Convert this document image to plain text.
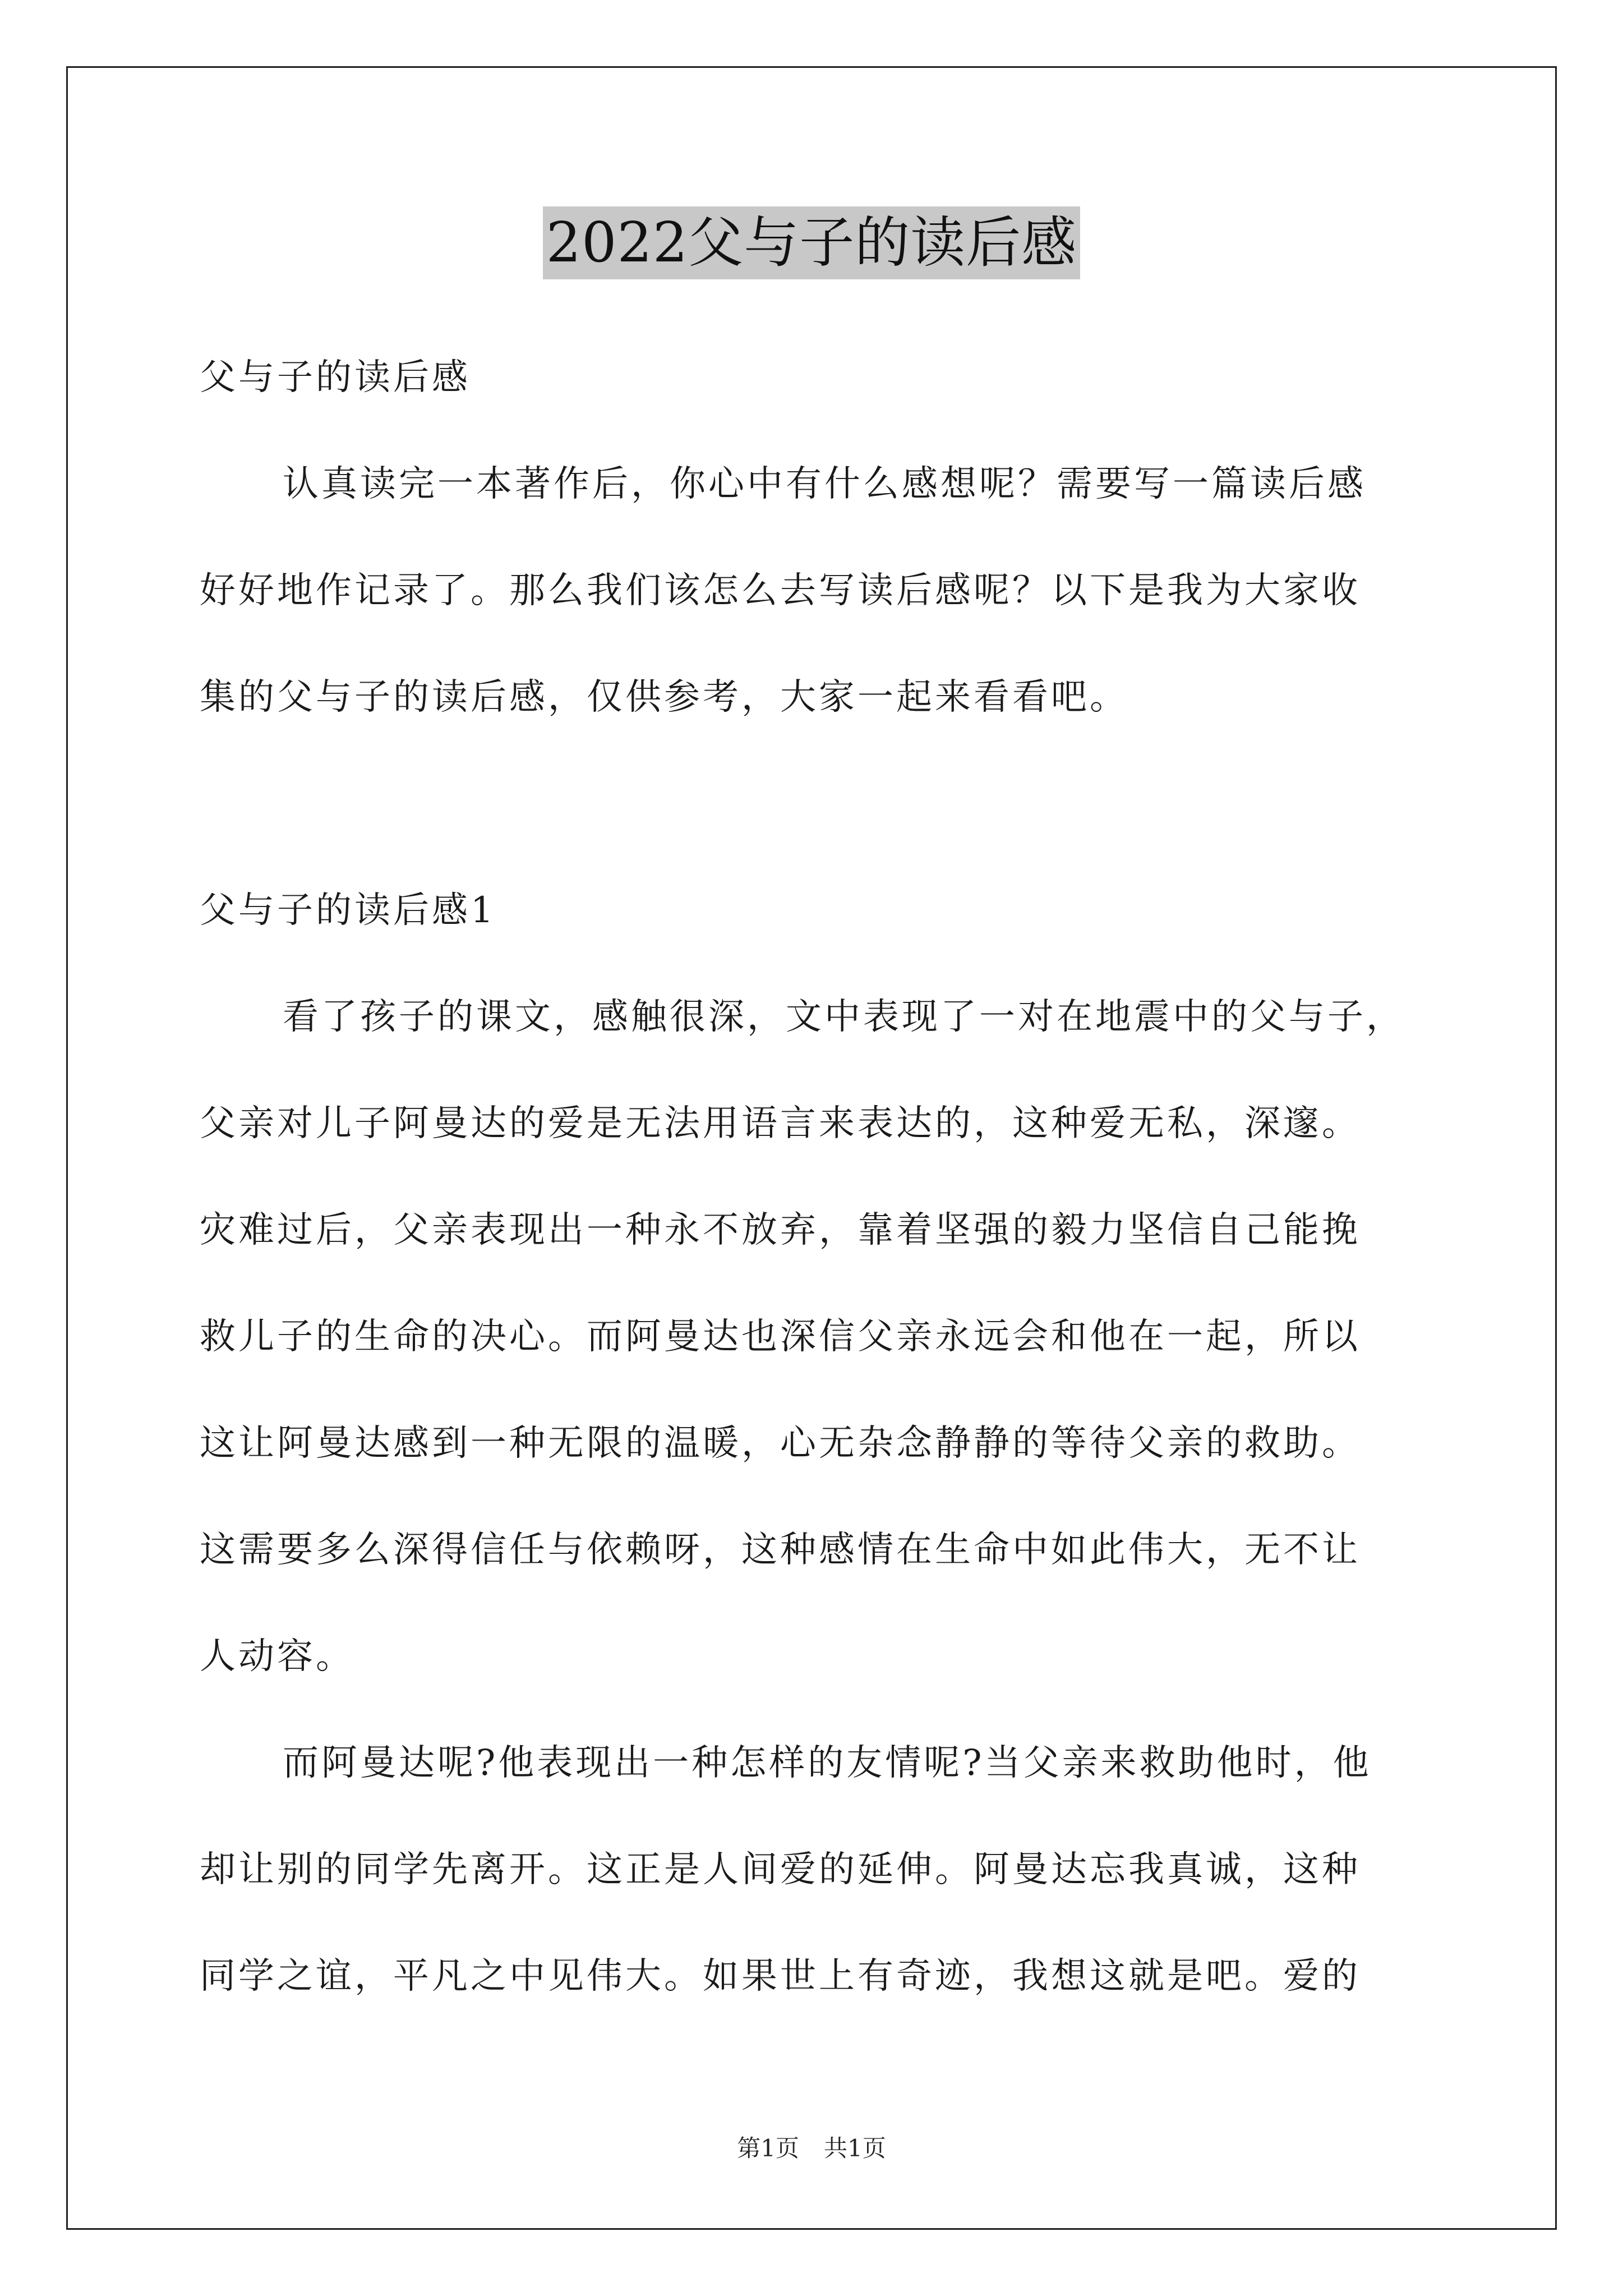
2022父与子的读后感
父与子的读后感
认真读完一本著作后，你心中有什么感想呢？需要写一篇读后感
好好地作记录了。那么我们该怎么去写读后感呢？以下是我为大家收
集的父与子的读后感，仅供参考，大家一起来看看吧。
父与子的读后感1
看了孩子的课文，感触很深，文中表现了一对在地震中的父与子，
父亲对儿子阿曼达的爱是无法用语言来表达的，这种爱无私，深邃。
灾难过后，父亲表现出一种永不放弃，靠着坚强的毅力坚信自己能挽
救儿子的生命的决心。而阿曼达也深信父亲永远会和他在一起，所以
这让阿曼达感到一种无限的温暖，心无杂念静静的等待父亲的救助。
这需要多么深得信任与依赖呀，这种感情在生命中如此伟大，无不让
人动容。
而阿曼达呢?他表现出一种怎样的友情呢?当父亲来救助他时，他
却让别的同学先离开。这正是人间爱的延伸。阿曼达忘我真诚，这种
同学之谊，平凡之中见伟大。如果世上有奇迹，我想这就是吧。爱的
第1页 共1页
